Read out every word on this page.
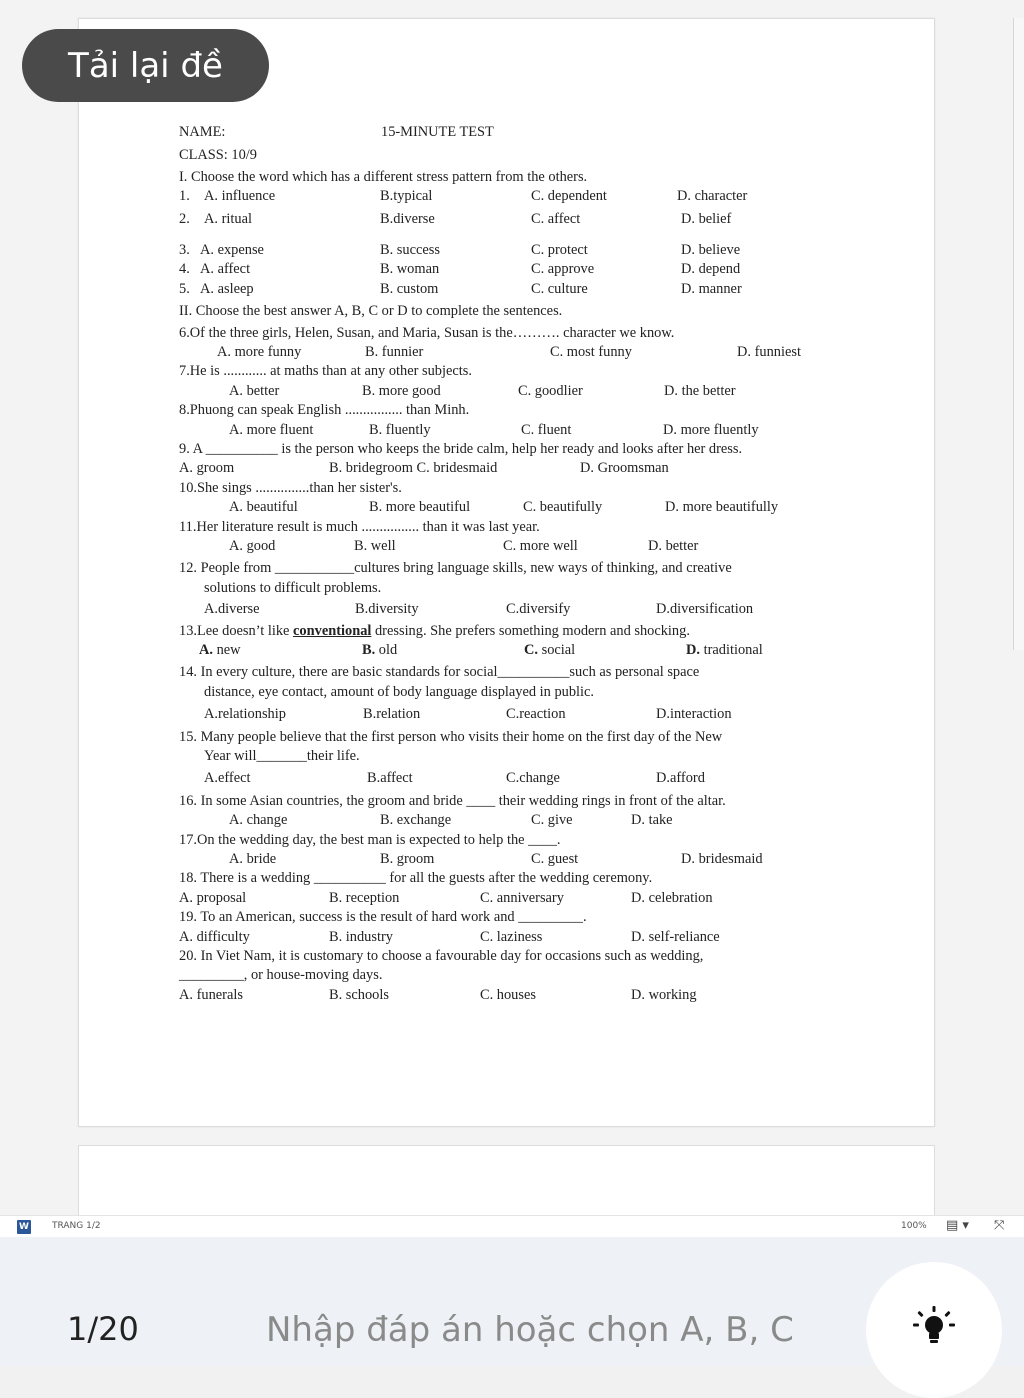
NAME:	15-MINUTE TEST
CLASS: 10/9
I. Choose the word which has a different stress pattern from the others.
1. A. influence	B.typical	C. dependent	D. character
2. A. ritual	B.diverse	C. affect	D. belief
3. A. expense	B. success	C. protect	D. believe
4. A. affect	B. woman	C. approve	D. depend
5. A. asleep	B. custom	C. culture	D. manner
II. Choose the best answer A, B, C or D to complete the sentences.
6.Of the three girls, Helen, Susan, and Maria, Susan is the………. character we know.
A. more funny	B. funnier	C. most funny	D. funniest
7.He is ............ at maths than at any other subjects.
A. better	B. more good	C. goodlier	D. the better
8.Phuong can speak English ................ than Minh.
A. more fluent	B. fluently	C. fluent	D. more fluently
9. A __________ is the person who keeps the bride calm, help her ready and looks after her dress.
A. groom	B. bridegroom C. bridesmaid	D. Groomsman
10.She sings ...............than her sister's.
A. beautiful	B. more beautiful	C. beautifully	D. more beautifully
11.Her literature result is much ................ than it was last year.
A. good	B. well	C. more well	D. better
12. People from ___________cultures bring language skills, new ways of thinking, and creative
solutions to difficult problems.
A.diverse	B.diversity	C.diversify	D.diversification
13.Lee doesn’t like conventional dressing. She prefers something modern and shocking.
A. new	B. old	C. social	D. traditional
14. In every culture, there are basic standards for social__________such as personal space
distance, eye contact, amount of body language displayed in public.
A.relationship	B.relation	C.reaction	D.interaction
15. Many people believe that the first person who visits their home on the first day of the New
Year will_______their life.
A.effect	B.affect	C.change	D.afford
16. In some Asian countries, the groom and bride ____ their wedding rings in front of the altar.
A. change	B. exchange	C. give	D. take
17.On the wedding day, the best man is expected to help the ____.
A. bride	B. groom	C. guest	D. bridesmaid
18. There is a wedding __________ for all the guests after the wedding ceremony.
A. proposal	B. reception	C. anniversary	D. celebration
19. To an American, success is the result of hard work and _________.
A. difficulty	B. industry	C. laziness	D. self-reliance
20. In Viet Nam, it is customary to choose a favourable day for occasions such as wedding,
_________, or house-moving days.
A. funerals	B. schools	C. houses	D. working
Tải lại đề
W	TRANG 1/2	100% ▤ ▾ ⤧
1/20
Nhập đáp án hoặc chọn A, B, C
